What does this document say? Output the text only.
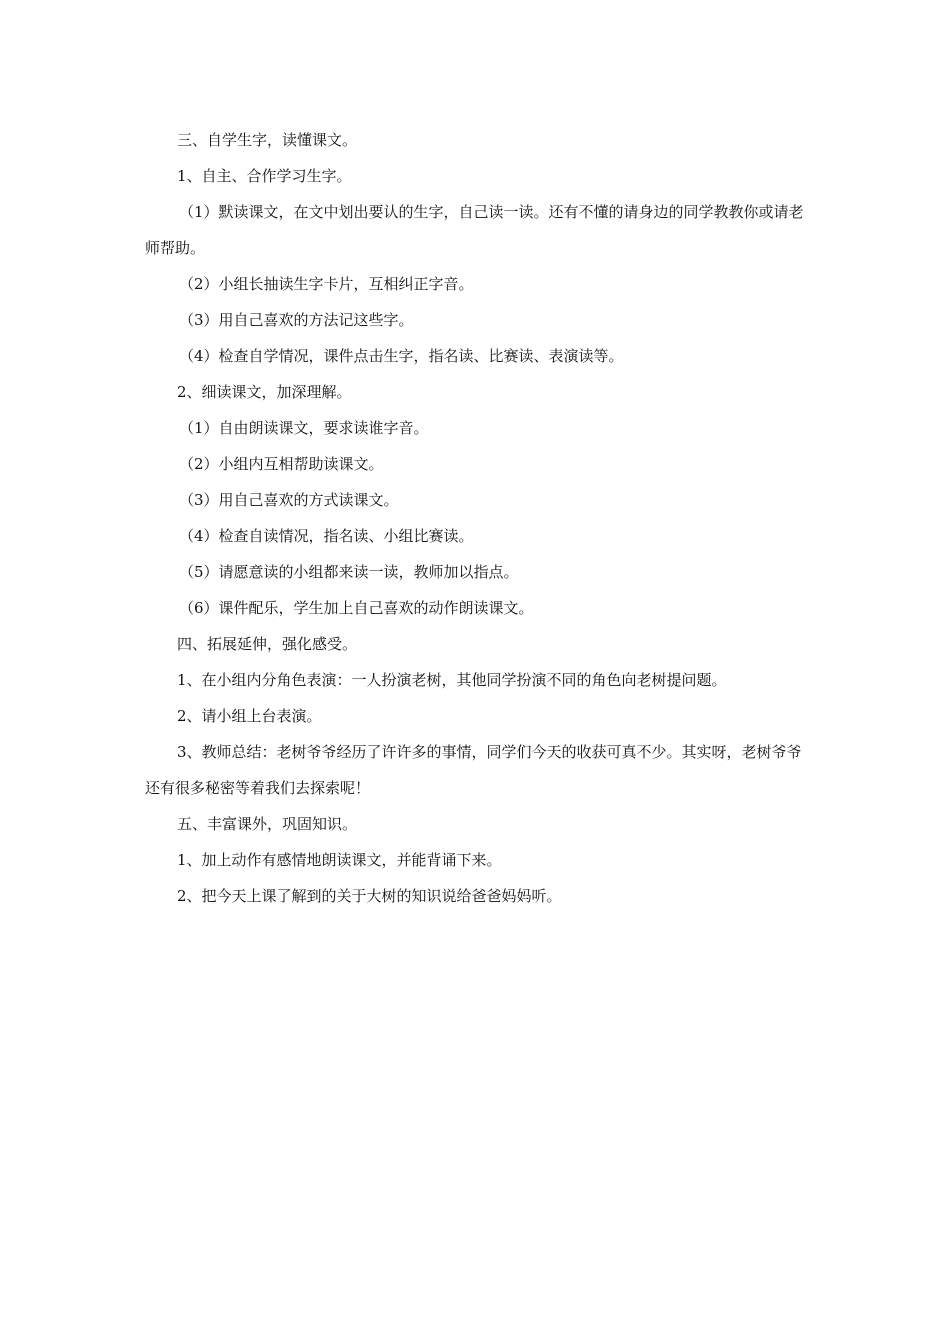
三、自学生字，读懂课文。

1、自主、合作学习生字。

（1）默读课文，在文中划出要认的生字，自己读一读。还有不懂的请身边的同学教教你或请老师帮助。

（2）小组长抽读生字卡片，互相纠正字音。

（3）用自己喜欢的方法记这些字。

（4）检查自学情况，课件点击生字，指名读、比赛读、表演读等。

2、细读课文，加深理解。

（1）自由朗读课文，要求读谁字音。

（2）小组内互相帮助读课文。

（3）用自己喜欢的方式读课文。

（4）检查自读情况，指名读、小组比赛读。

（5）请愿意读的小组都来读一读，教师加以指点。

（6）课件配乐，学生加上自己喜欢的动作朗读课文。

四、拓展延伸，强化感受。

1、在小组内分角色表演：一人扮演老树，其他同学扮演不同的角色向老树提问题。

2、请小组上台表演。

3、教师总结：老树爷爷经历了许许多的事情，同学们今天的收获可真不少。其实呀，老树爷爷还有很多秘密等着我们去探索呢！

五、丰富课外，巩固知识。

1、加上动作有感情地朗读课文，并能背诵下来。

2、把今天上课了解到的关于大树的知识说给爸爸妈妈听。
